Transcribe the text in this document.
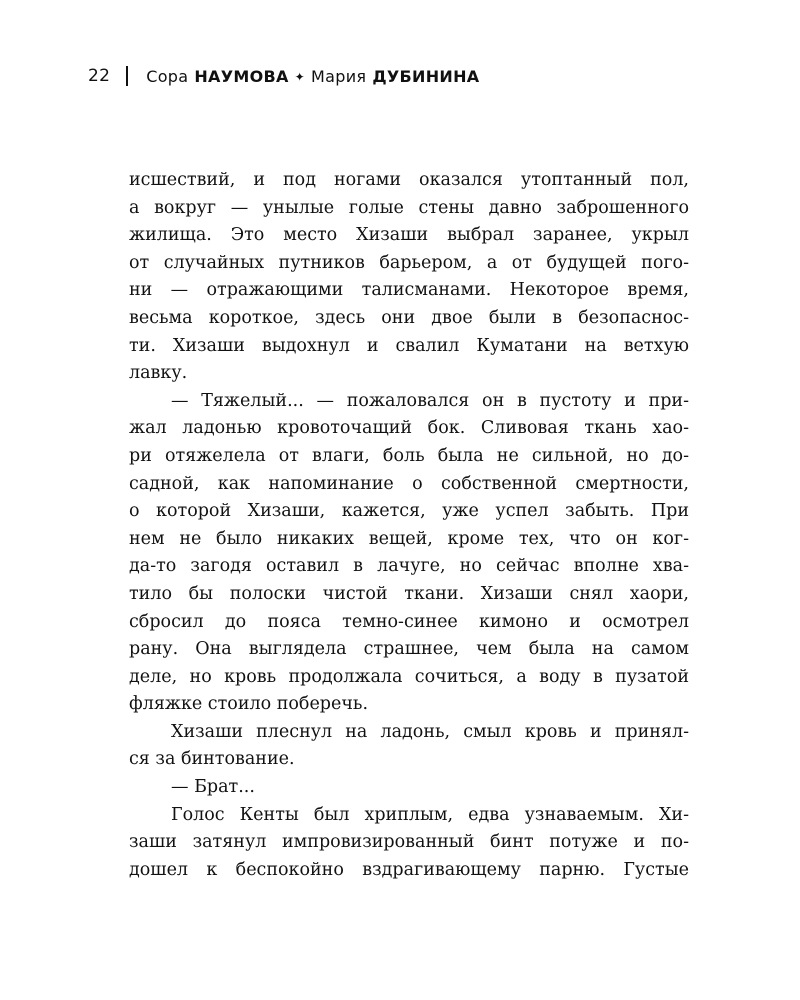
22 Сора НАУМОВА ✦ Мария ДУБИНИНА
исшествий, и под ногами оказался утоптанный пол,
а вокруг — унылые голые стены давно заброшенного
жилища. Это место Хизаши выбрал заранее, укрыл
от случайных путников барьером, а от будущей пого-
ни — отражающими талисманами. Некоторое время,
весьма короткое, здесь они двое были в безопаснос-
ти. Хизаши выдохнул и свалил Куматани на ветхую
лавку.
— Тяжелый... — пожаловался он в пустоту и при-
жал ладонью кровоточащий бок. Сливовая ткань хао-
ри отяжелела от влаги, боль была не сильной, но до-
садной, как напоминание о собственной смертности,
о которой Хизаши, кажется, уже успел забыть. При
нем не было никаких вещей, кроме тех, что он ког-
да-то загодя оставил в лачуге, но сейчас вполне хва-
тило бы полоски чистой ткани. Хизаши снял хаори,
сбросил до пояса темно-синее кимоно и осмотрел
рану. Она выглядела страшнее, чем была на самом
деле, но кровь продолжала сочиться, а воду в пузатой
фляжке стоило поберечь.
Хизаши плеснул на ладонь, смыл кровь и принял-
ся за бинтование.
— Брат...
Голос Кенты был хриплым, едва узнаваемым. Хи-
заши затянул импровизированный бинт потуже и по-
дошел к беспокойно вздрагивающему парню. Густые
